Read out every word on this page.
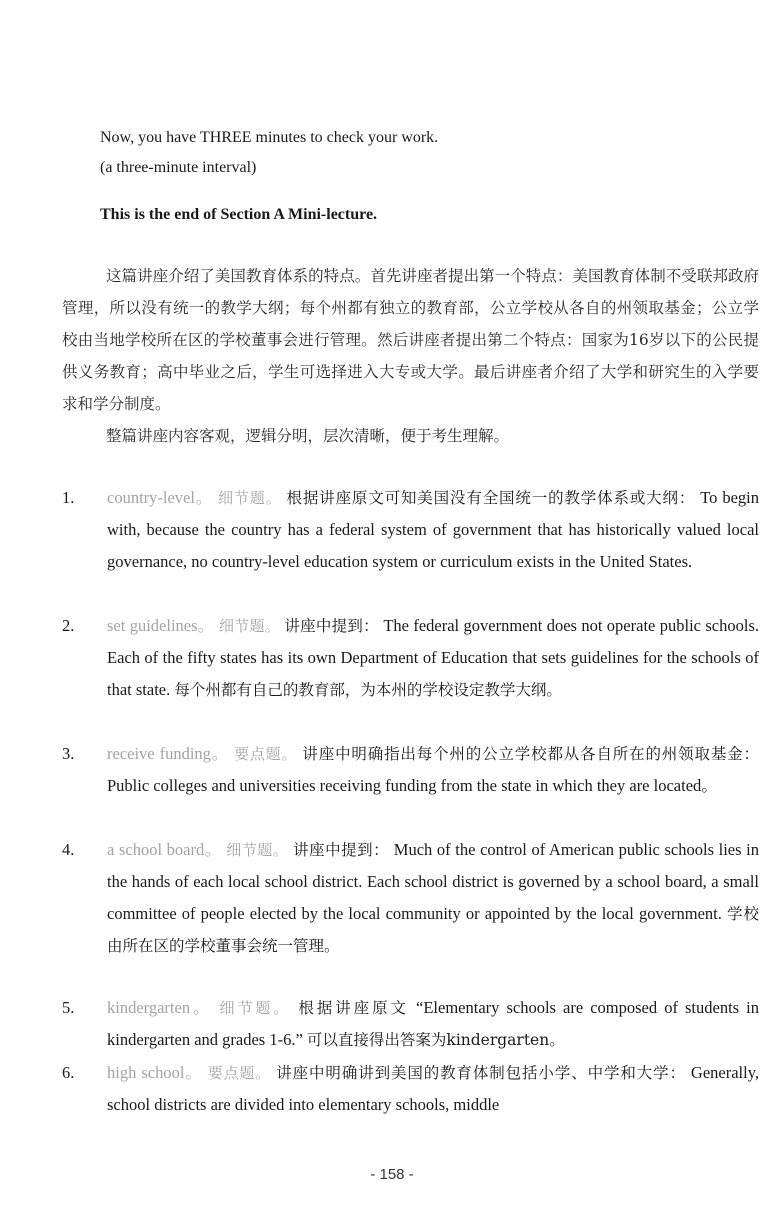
Now, you have THREE minutes to check your work.
(a three-minute interval)
This is the end of Section A Mini-lecture.

这篇讲座介绍了美国教育体系的特点。首先讲座者提出第一个特点：美国教育体制不受联邦政府管理，所以没有统一的教学大纲；每个州都有独立的教育部，公立学校从各自的州领取基金；公立学校由当地学校所在区的学校董事会进行管理。然后讲座者提出第二个特点：国家为16岁以下的公民提供义务教育；高中毕业之后，学生可选择进入大专或大学。最后讲座者介绍了大学和研究生的入学要求和学分制度。

整篇讲座内容客观，逻辑分明，层次清晰，便于考生理解。

1. country-level。 细节题。 根据讲座原文可知美国没有全国统一的教学体系或大纲： To begin with, because the country has a federal system of government that has historically valued local governance, no country-level education system or curriculum exists in the United States.
2. set guidelines。 细节题。 讲座中提到： The federal government does not operate public schools. Each of the fifty states has its own Department of Education that sets guidelines for the schools of that state. 每个州都有自己的教育部，为本州的学校设定教学大纲。
3. receive funding。 要点题。 讲座中明确指出每个州的公立学校都从各自所在的州领取基金： Public colleges and universities receiving funding from the state in which they are located。
4. a school board。 细节题。 讲座中提到： Much of the control of American public schools lies in the hands of each local school district. Each school district is governed by a school board, a small committee of people elected by the local community or appointed by the local government. 学校由所在区的学校董事会统一管理。
5. kindergarten。 细节题。 根据讲座原文 “Elementary schools are composed of students in kindergarten and grades 1-6.” 可以直接得出答案为kindergarten。
6. high school。 要点题。 讲座中明确讲到美国的教育体制包括小学、中学和大学： Generally, school districts are divided into elementary schools, middle
- 158 -
